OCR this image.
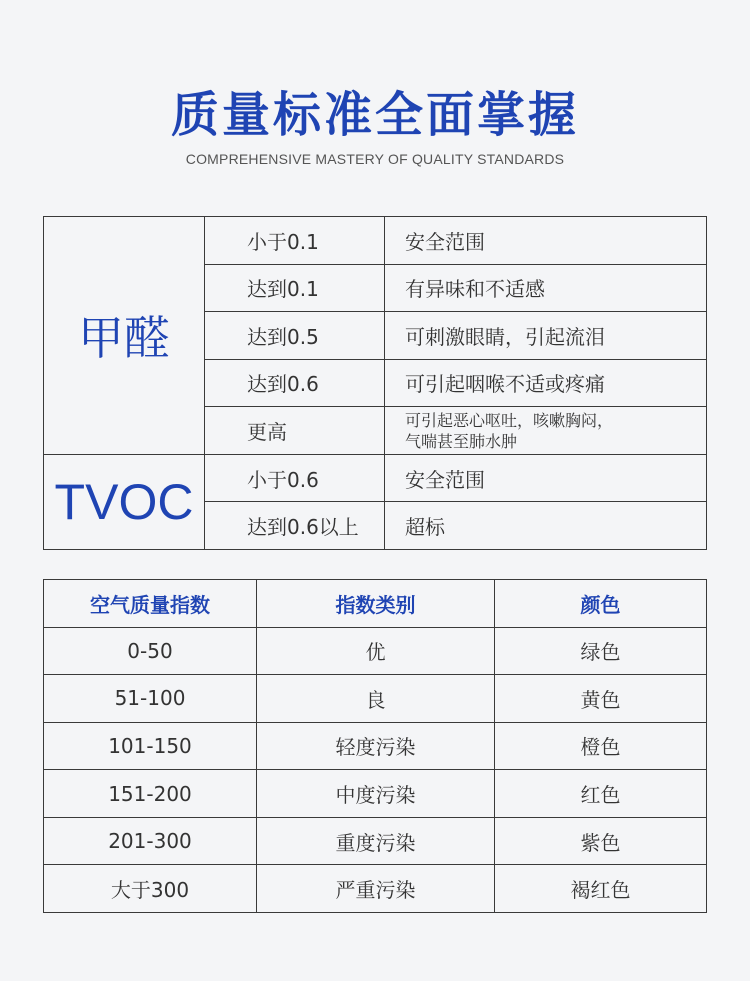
质量标准全面掌握
COMPREHENSIVE MASTERY OF QUALITY STANDARDS
甲醛	小于0.1	安全范围
	达到0.1	有异味和不适感
	达到0.5	可刺激眼睛，引起流泪
	达到0.6	可引起咽喉不适或疼痛
	更高	可引起恶心呕吐，咳嗽胸闷，
气喘甚至肺水肿

TVOC	小于0.6	安全范围
	达到0.6以上	超标
空气质量指数	指数类别	颜色
0-50	优	绿色
51-100	良	黄色
101-150	轻度污染	橙色
151-200	中度污染	红色
201-300	重度污染	紫色
大于300	严重污染	褐红色
